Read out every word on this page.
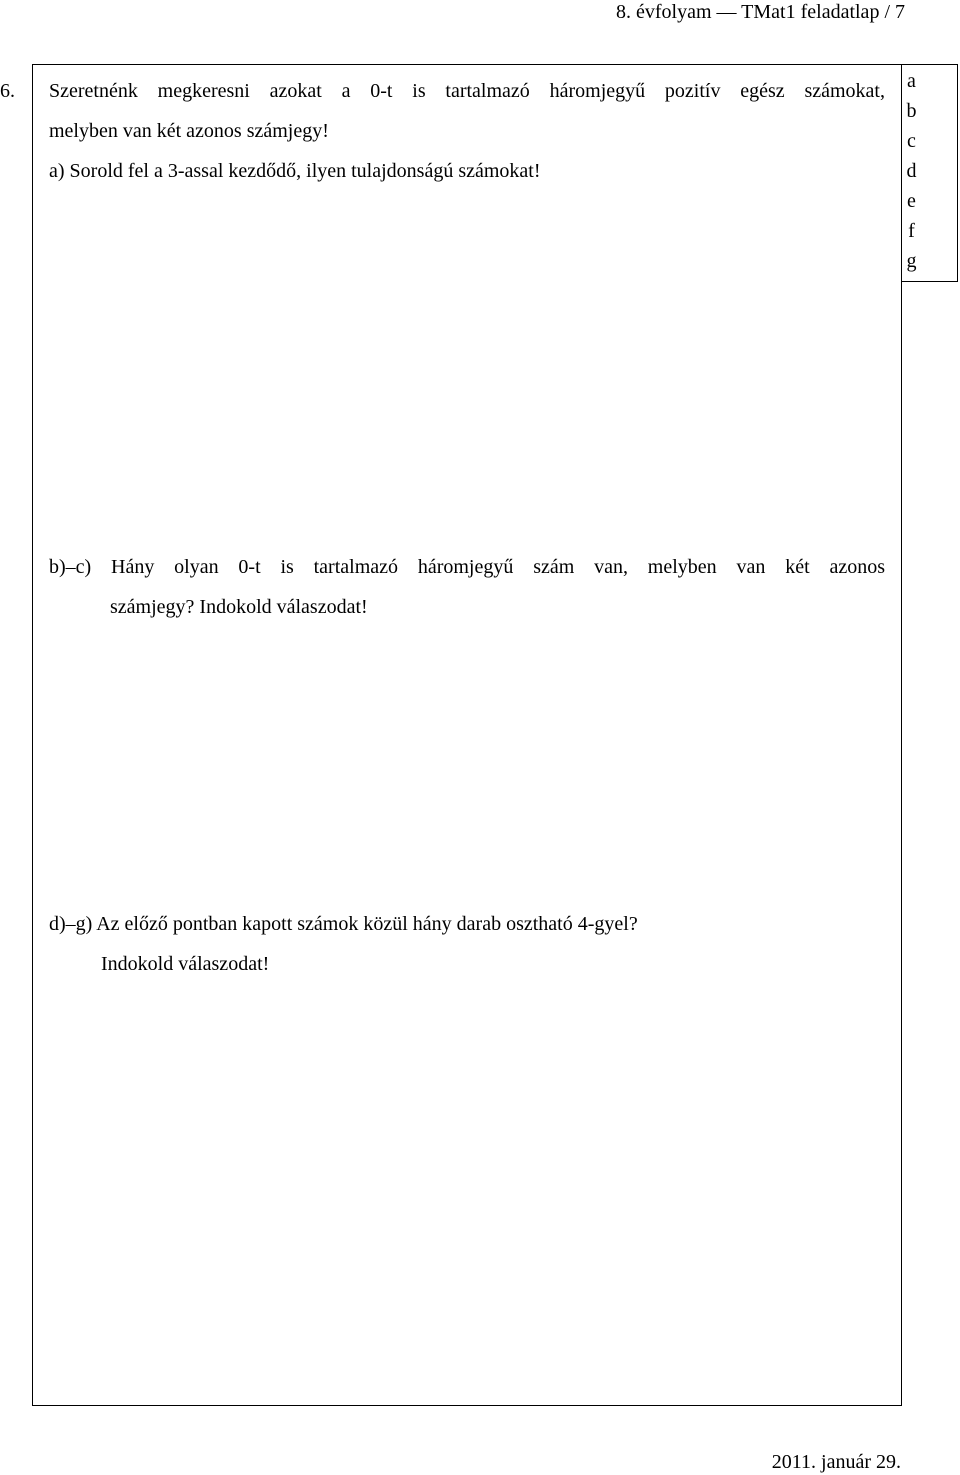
8. évfolyam — TMat1 feladatlap / 7
6.	a
b
c
d
e
f
g
Szeretnénk megkeresni azokat a 0-t is tartalmazó háromjegyű pozitív egész számokat,
melyben van két azonos számjegy!
a) Sorold fel a 3-assal kezdődő, ilyen tulajdonságú számokat!
b)–c) Hány olyan 0-t is tartalmazó háromjegyű szám van, melyben van két azonos
számjegy? Indokold válaszodat!
d)–g) Az előző pontban kapott számok közül hány darab osztható 4-gyel?
Indokold válaszodat!
2011. január 29.
